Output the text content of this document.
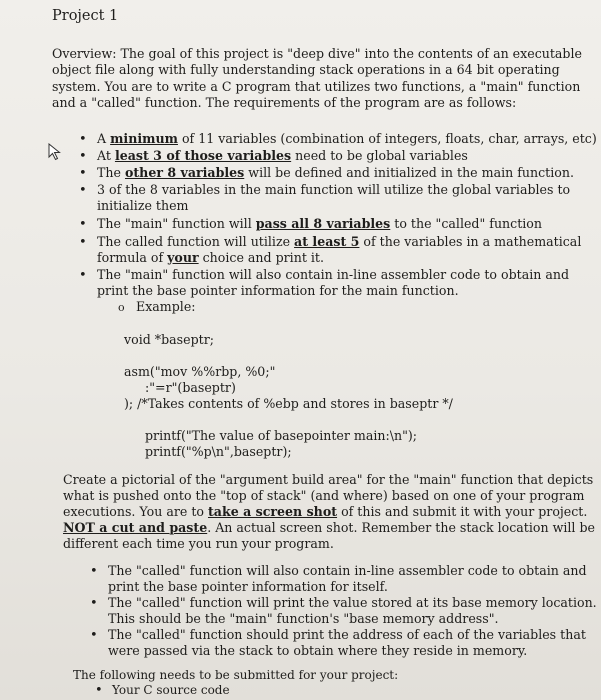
Project 1
Overview: The goal of this project is "deep dive" into the contents of an executable
object file along with fully understanding stack operations in a 64 bit operating
system. You are to write a C program that utilizes two functions, a "main" function
and a "called" function. The requirements of the program are as follows:
• A minimum of 11 variables (combination of integers, floats, char, arrays, etc)
• At least 3 of those variables need to be global variables
• The other 8 variables will be defined and initialized in the main function.
• 3 of the 8 variables in the main function will utilize the global variables to
initialize them
• The "main" function will pass all 8 variables to the "called" function
• The called function will utilize at least 5 of the variables in a mathematical
formula of your choice and print it.
• The "main" function will also contain in-line assembler code to obtain and
print the base pointer information for the main function.
o Example:
void *baseptr;
asm("mov %%rbp, %0;"
:"=r"(baseptr)
); /*Takes contents of %ebp and stores in baseptr */
printf("The value of basepointer main:\n");
printf("%p\n",baseptr);
Create a pictorial of the "argument build area" for the "main" function that depicts
what is pushed onto the "top of stack" (and where) based on one of your program
executions. You are to take a screen shot of this and submit it with your project.
NOT a cut and paste. An actual screen shot. Remember the stack location will be
different each time you run your program.
• The "called" function will also contain in-line assembler code to obtain and
print the base pointer information for itself.
• The "called" function will print the value stored at its base memory location.
This should be the "main" function's "base memory address".
• The "called" function should print the address of each of the variables that
were passed via the stack to obtain where they reside in memory.
The following needs to be submitted for your project:
• Your C source code
